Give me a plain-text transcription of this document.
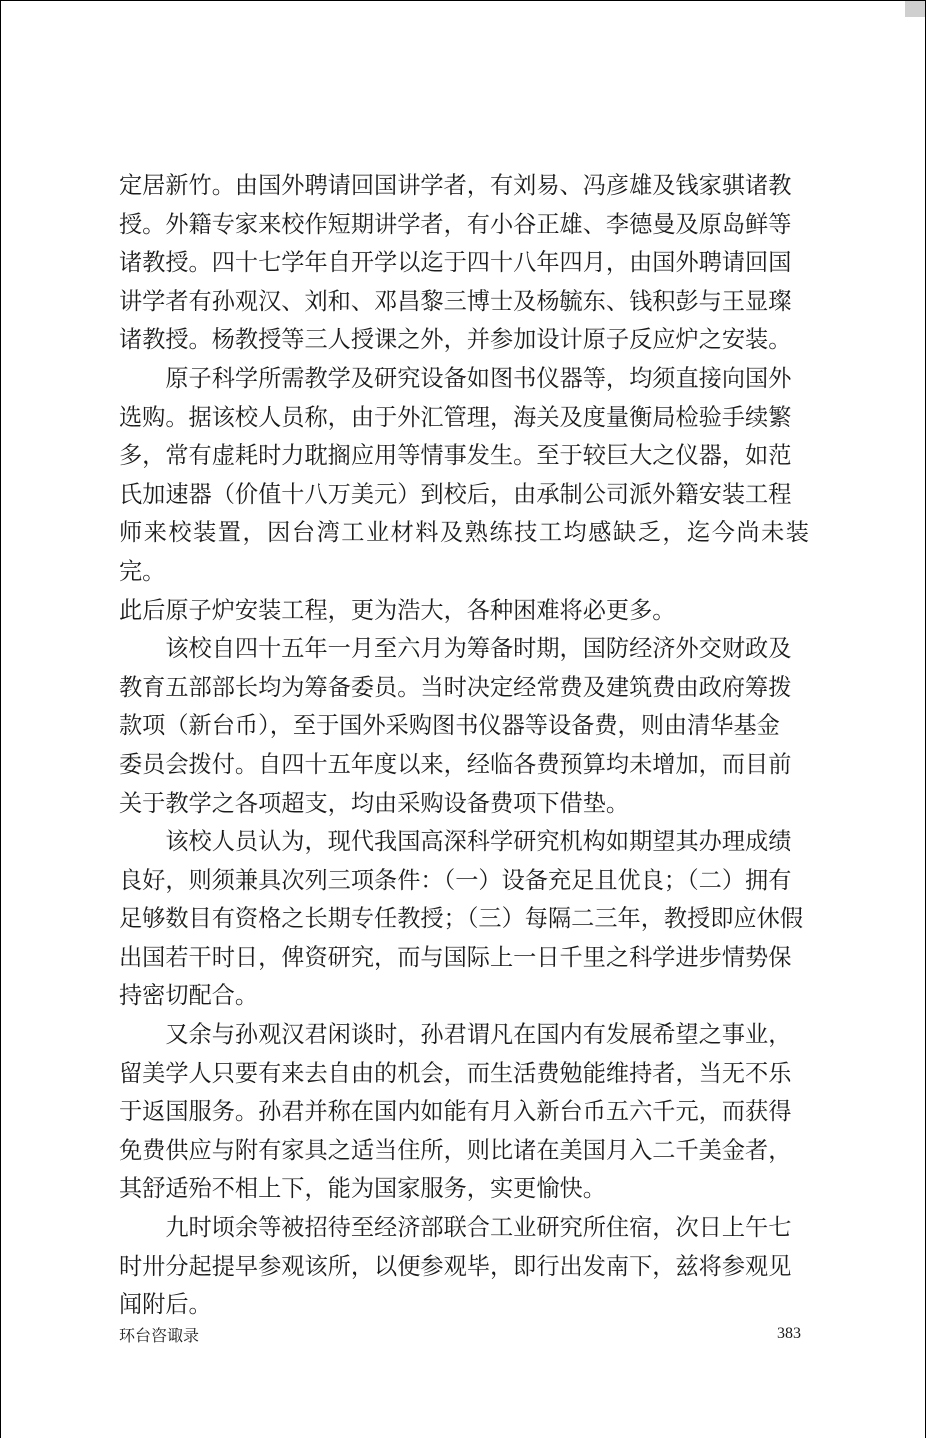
定居新竹。由国外聘请回国讲学者，有刘易、冯彦雄及钱家骐诸教
授。外籍专家来校作短期讲学者，有小谷正雄、李德曼及原岛鲜等
诸教授。四十七学年自开学以迄于四十八年四月，由国外聘请回国
讲学者有孙观汉、刘和、邓昌黎三博士及杨毓东、钱积彭与王显璨
诸教授。杨教授等三人授课之外，并参加设计原子反应炉之安装。

　　原子科学所需教学及研究设备如图书仪器等，均须直接向国外
选购。据该校人员称，由于外汇管理，海关及度量衡局检验手续繁
多，常有虚耗时力耽搁应用等情事发生。至于较巨大之仪器，如范
氏加速器（价值十八万美元）到校后，由承制公司派外籍安装工程
师来校装置，因台湾工业材料及熟练技工均感缺乏，迄今尚未装完。
此后原子炉安装工程，更为浩大，各种困难将必更多。

　　该校自四十五年一月至六月为筹备时期，国防经济外交财政及
教育五部部长均为筹备委员。当时决定经常费及建筑费由政府筹拨
款项（新台币），至于国外采购图书仪器等设备费，则由清华基金
委员会拨付。自四十五年度以来，经临各费预算均未增加，而目前
关于教学之各项超支，均由采购设备费项下借垫。

　　该校人员认为，现代我国高深科学研究机构如期望其办理成绩
良好，则须兼具次列三项条件：（一）设备充足且优良；（二）拥有
足够数目有资格之长期专任教授；（三）每隔二三年，教授即应休假
出国若干时日，俾资研究，而与国际上一日千里之科学进步情势保
持密切配合。

　　又余与孙观汉君闲谈时，孙君谓凡在国内有发展希望之事业，
留美学人只要有来去自由的机会，而生活费勉能维持者，当无不乐
于返国服务。孙君并称在国内如能有月入新台币五六千元，而获得
免费供应与附有家具之适当住所，则比诸在美国月入二千美金者，
其舒适殆不相上下，能为国家服务，实更愉快。

　　九时顷余等被招待至经济部联合工业研究所住宿，次日上午七
时卅分起提早参观该所，以便参观毕，即行出发南下，兹将参观见
闻附后。

环台咨诹录	383
